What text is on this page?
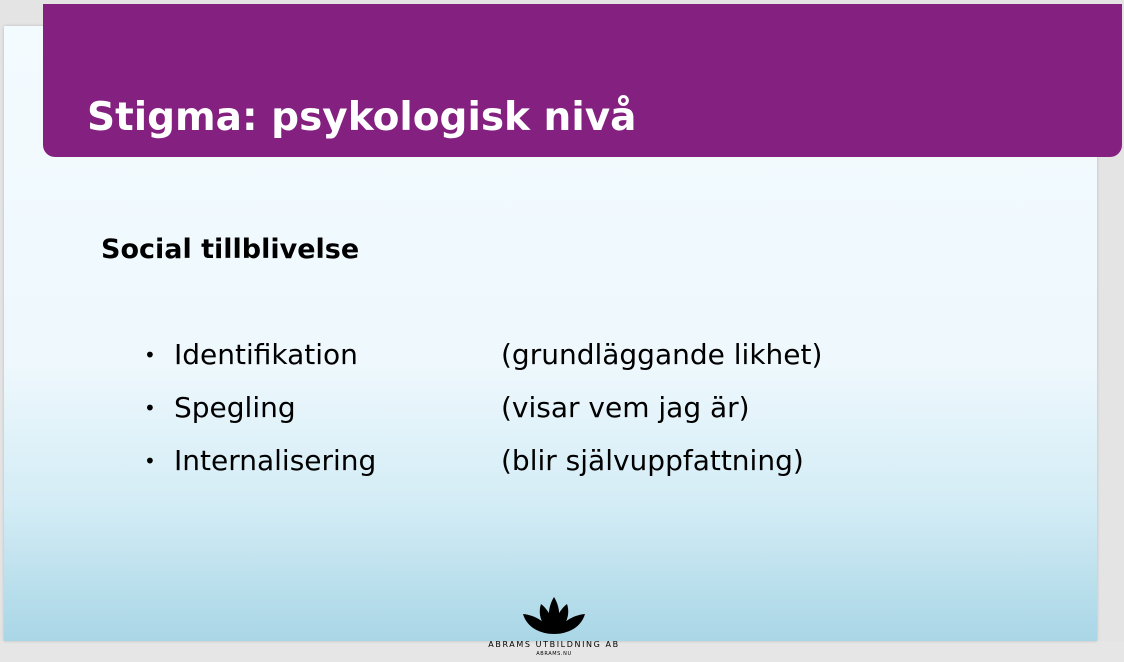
Social tillblivelse
• Identifikation	(grundläggande likhet)
• Spegling	(visar vem jag är)
• Internalisering	(blir självuppfattning)
ABRAMS UTBILDNING AB
ABRAMS.NU
Stigma: psykologisk nivå
